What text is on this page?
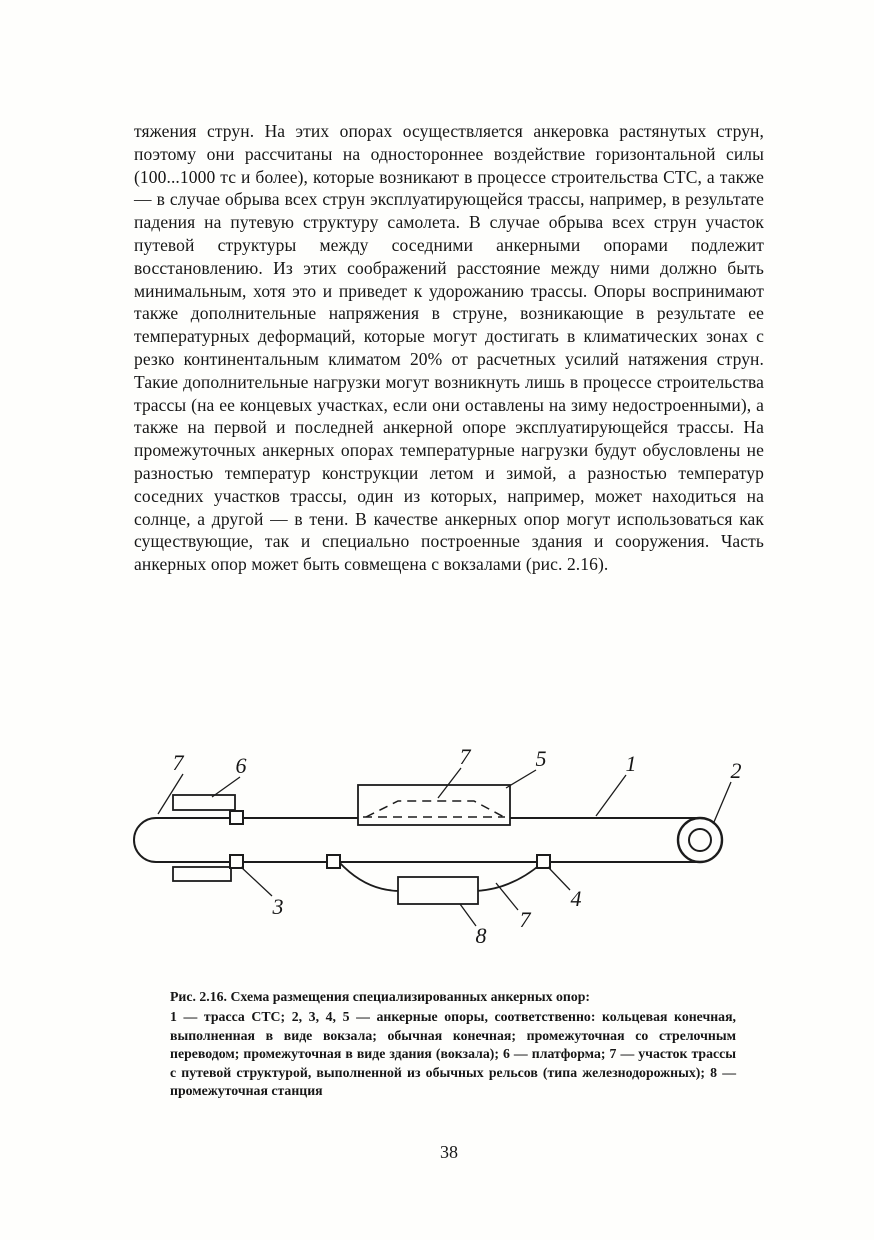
тяжения струн. На этих опорах осуществляется анкеровка растянутых струн, поэтому они рассчитаны на одностороннее воздействие горизонтальной силы (100...1000 тс и более), которые возникают в процессе строительства СТС, а также — в случае обрыва всех струн эксплуатирующейся трассы, например, в результате падения на путевую структуру самолета. В случае обрыва всех струн участок путевой структуры между соседними анкерными опорами подлежит восстановлению. Из этих соображений расстояние между ними должно быть минимальным, хотя это и приведет к удорожанию трассы. Опоры воспринимают также дополнительные напряжения в струне, возникающие в результате ее температурных деформаций, которые могут достигать в климатических зонах с резко континентальным климатом 20% от расчетных усилий натяжения струн. Такие дополнительные нагрузки могут возникнуть лишь в процессе строительства трассы (на ее концевых участках, если они оставлены на зиму недостроенными), а также на первой и последней анкерной опоре эксплуатирующейся трассы. На промежуточных анкерных опорах температурные нагрузки будут обусловлены не разностью температур конструкции летом и зимой, а разностью температур соседних участков трассы, один из которых, например, может находиться на солнце, а другой — в тени. В качестве анкерных опор могут использоваться как существующие, так и специально построенные здания и сооружения. Часть анкерных опор может быть совмещена с вокзалами (рис. 2.16).

7 6	7	5	1	2
3	4
7
8
Рис. 2.16. Схема размещения специализированных анкерных опор:
1 — трасса СТС; 2, 3, 4, 5 — анкерные опоры, соответственно: кольцевая конечная, выполненная в виде вокзала; обычная конечная; промежуточная со стрелочным переводом; промежуточная в виде здания (вокзала); 6 — платформа; 7 — участок трассы с путевой структурой, выполненной из обычных рельсов (типа железнодорожных); 8 — промежуточная станция
38
